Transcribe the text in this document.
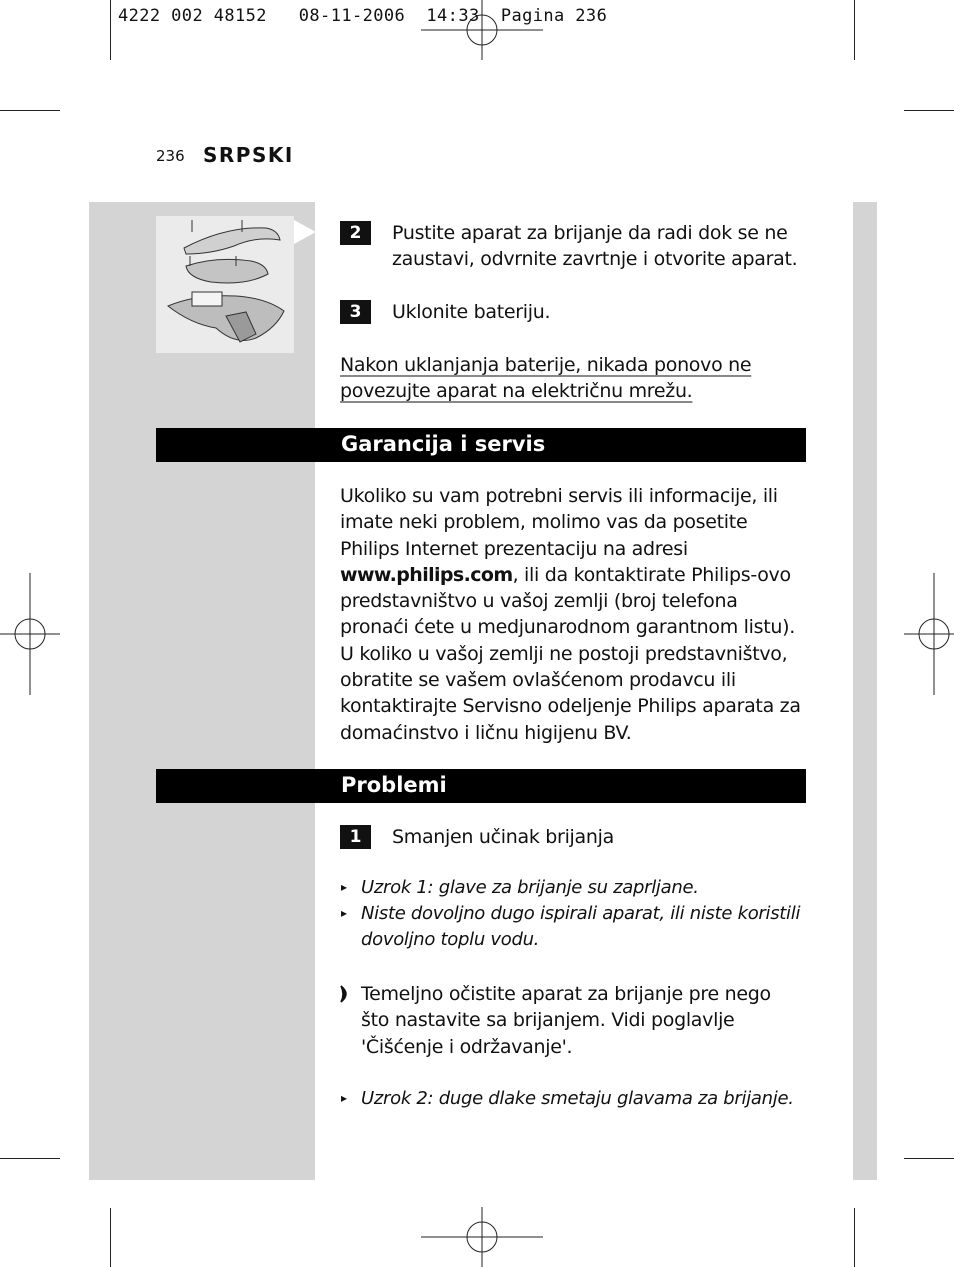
4222 002 48152   08-11-2006  14:33  Pagina 236
236 SRPSKI
2	Pustite aparat za brijanje da radi dok se ne
zaustavi, odvrnite zavrtnje i otvorite aparat.
3	Uklonite bateriju.
Nakon uklanjanja baterije, nikada ponovo ne
povezujte aparat na električnu mrežu.
Garancija i servis
Ukoliko su vam potrebni servis ili informacije, ili
imate neki problem, molimo vas da posetite
Philips Internet prezentaciju na adresi
www.philips.com, ili da kontaktirate Philips-ovo
predstavništvo u vašoj zemlji (broj telefona
pronaći ćete u medjunarodnom garantnom listu).
U koliko u vašoj zemlji ne postoji predstavništvo,
obratite se vašem ovlašćenom prodavcu ili
kontaktirajte Servisno odeljenje Philips aparata za
domaćinstvo i ličnu higijenu BV.
Problemi
1	Smanjen učinak brijanja
▸ Uzrok 1: glave za brijanje su zaprljane.
▸ Niste dovoljno dugo ispirali aparat, ili niste koristili
dovoljno toplu vodu.
Temeljno očistite aparat za brijanje pre nego
što nastavite sa brijanjem. Vidi poglavlje
'Čišćenje i održavanje'.
▸ Uzrok 2: duge dlake smetaju glavama za brijanje.
